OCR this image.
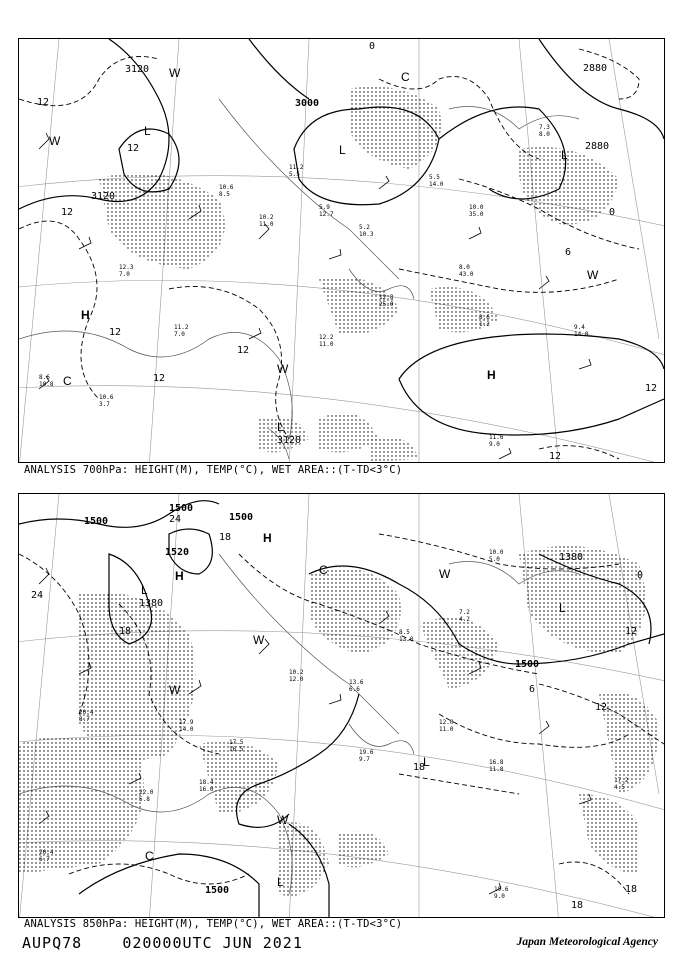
10.2
11.0
5.9
12.7
5.2
10.3
5.5
14.0
10.0
35.0
8.0
43.0
12.8
25.0
11.2
7.0
10.6
3.7
8.6
10.8
11.6
9.0
9.4
14.0
8.6
1.2
7.3
8.0
11.2
5.5
10.6
8.5
12.3
7.0
12.2
11.0
3120
3000
2880
3120
2880
3120
12
12
12
12
12
12
6
0
0
12
12
L
L	L
L
H
H
C
C
W
W
W
W
ANALYSIS 700hPa: HEIGHT(M), TEMP(°C), WET AREA::(T-TD<3°C)
17.9
14.0
17.5
16.5
10.2
12.0	13.6
6.6
8.5
13.0
7.2
4.2
10.0
5.0
12.0
11.0
16.8
11.8
17.2
4.5
19.6
9.0
20.4
8.7
22.0
5.8
18.4
16.0
20.4
6.7
19.6
9.7
1500
1500
1500
1520
1380
1380
1500
1500
24
24
18
18
18
12
6
12
18
18
0
L
L
L
L
H
H
C
C
W
W
W
W
ANALYSIS 850hPa: HEIGHT(M), TEMP(°C), WET AREA::(T-TD<3°C)
AUPQ78	020000UTC JUN 2021	Japan Meteorological Agency
